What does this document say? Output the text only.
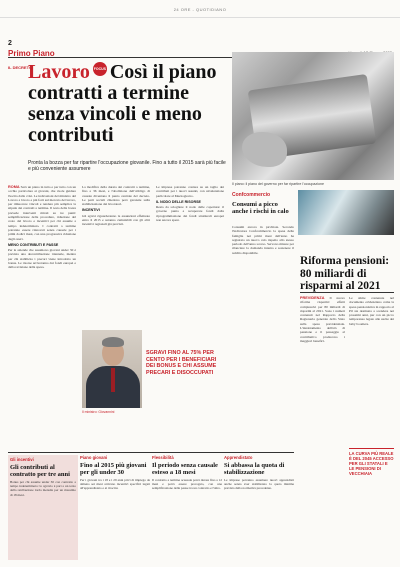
24 ORE - QUOTIDIANO
2
Primo Piano
IL DECRETO
Lavoro FOCUS Così il piano contratti a termine senza vincoli e meno contributi

Pronta la bozza per far ripartire l'occupazione giovanile. Fino a tutto il 2015 sarà più facile e più conveniente assumere

Il piano: il piano del governo per far ripartire l'occupazione
ROMA Sarà un piano in tutto e per tutto con un occhio particolare ai giovani, che vuole guidare l'uscita dalla crisi. Le indicazioni del ministro del Lavoro a lavoro e più forti sul mercato del lavoro, per rimuovere vincoli e rendere più semplice la stipula dei contratti a termine. Il testo della bozza prevede interventi mirati su tre punti: semplificazione delle procedure, riduzione del costo del lavoro e incentivi per chi assume a tempo indeterminato. I contratti a termine potranno essere rinnovati senza causale per i primi dodici mesi, con una progressiva riduzione degli oneri.
MENO CONTRIBUTI E PASSE
Per le aziende che assumono giovani under 30 è prevista una decontribuzione triennale, mentre per chi stabilizza i precari viene introdotto un bonus. Le risorse arriveranno dai fondi europei e dalla revisione della spesa.
La modifica della durata dei contratti a termine, fino a 36 mesi, e l'abolizione dell'obbligo di causale diventano il punto centrale del decreto. Le parti sociali chiedono però garanzie sulla stabilizzazione dei lavoratori.
INCENTIVI
Gli sgravi riguarderanno le assunzioni effettuate entro il 2015 e saranno cumulabili con gli altri incentivi regionali già previsti.
Le imprese potranno contare su un taglio dei contributi per i nuovi assunti, con un'attenzione particolare al Mezzogiorno.
IL NODO DELLE RISORSE
Resta da sciogliere il nodo delle coperture: il governo punta a recuperare fondi dalla riprogrammazione dei fondi strutturali europei non ancora spesi.
Il ministro: Giovannini
SGRAVI FINO AL 75% PER CENTO PER I BENEFICIARI DEI BONUS E CHI ASSUME PRECARI E DISOCCUPATI
Confcommercio
Consumi a picco anche i rischi in calo
Consumi ancora in picchiata. Secondo l'indicatore Confcommercio la spesa delle famiglie nei primi mesi dell'anno ha registrato un nuovo calo rispetto allo stesso periodo dell'anno scorso. Servono misure per rilanciare la domanda interna e sostenere il reddito disponibile.
Riforma pensioni: 80 miliardi di risparmi al 2021
PREVIDENZA Il nuovo riforma risparmi: effetti complessivi per 80 miliardi di risparmi al 2021. Sono i numeri contenuti nel Rapporto della Ragioneria generale dello Stato sulla spesa previdenziale. L'innalzamento dell'età di pensione e il passaggio al contributivo producono i maggiori benefici.
Le stime contenute nel documento evidenziano come la spesa pensionistica in rapporto al Pil sia destinata a scendere nei prossimi anni, pur con un picco temporaneo legato alle uscite dei baby boomers.
LA CURVA PIÙ REALE È DEL 2045 ACCESSO PER GLI STATALI E LE PENSIONI DI VECCHIAIA
Gli incentivi
Gli contributi al contratto per tre anni
Bonus per chi assume under 30 con contratto a tempo indeterminato: lo sgravio è pari a un terzo della retribuzione lorda mensile per un massimo di 18 mesi.
Piano giovani
Fino al 2015 più giovani per gli under 30
Per i giovani tra i 18 e i 29 anni privi di impiego da almeno sei mesi arrivano incentivi specifici legati all'apprendistato e ai tirocini.
Flessibilità
Il periodo senza causale esteso a 18 mesi
Il contratto a termine acausale potrà durare fino a 12 mesi e potrà essere prorogato, con una semplificazione delle pause tra un contratto e l'altro.
Apprendistato
Si abbassa la quota di stabilizzazione
Le imprese potranno assumere nuovi apprendisti anche senza aver stabilizzato la quota minima prevista dalla normativa precedente.
